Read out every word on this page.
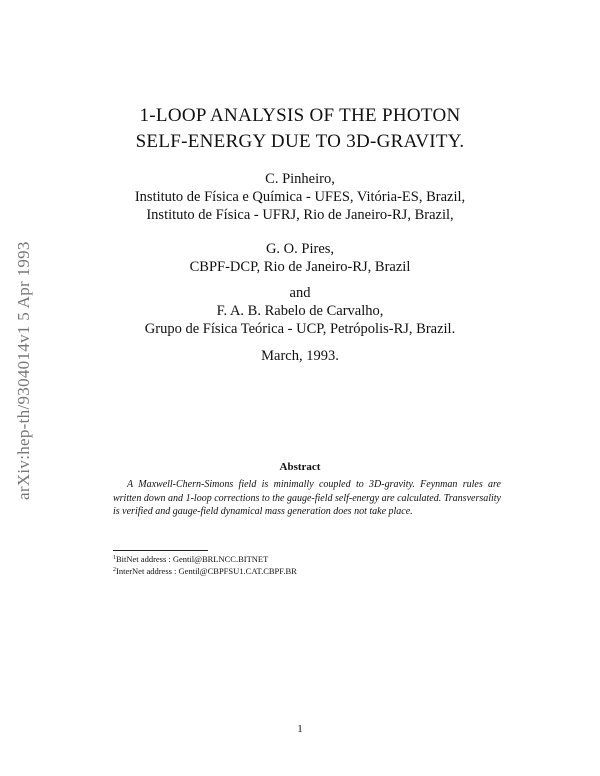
arXiv:hep-th/9304014v1 5 Apr 1993
1-LOOP ANALYSIS OF THE PHOTON
SELF-ENERGY DUE TO 3D-GRAVITY.
C. Pinheiro,
Instituto de Física e Química - UFES, Vitória-ES, Brazil,
Instituto de Física - UFRJ, Rio de Janeiro-RJ, Brazil,
G. O. Pires,
CBPF-DCP, Rio de Janeiro-RJ, Brazil
and
F. A. B. Rabelo de Carvalho,
Grupo de Física Teórica - UCP, Petrópolis-RJ, Brazil.
March, 1993.
Abstract
A Maxwell-Chern-Simons field is minimally coupled to 3D-gravity. Feynman rules are written down and 1-loop corrections to the gauge-field self-energy are calculated. Transversality is verified and gauge-field dynamical mass generation does not take place.
$^1$BitNet address : Gentil@BRLNCC.BITNET
$^2$InterNet address : Gentil@CBPFSU1.CAT.CBPF.BR
1
